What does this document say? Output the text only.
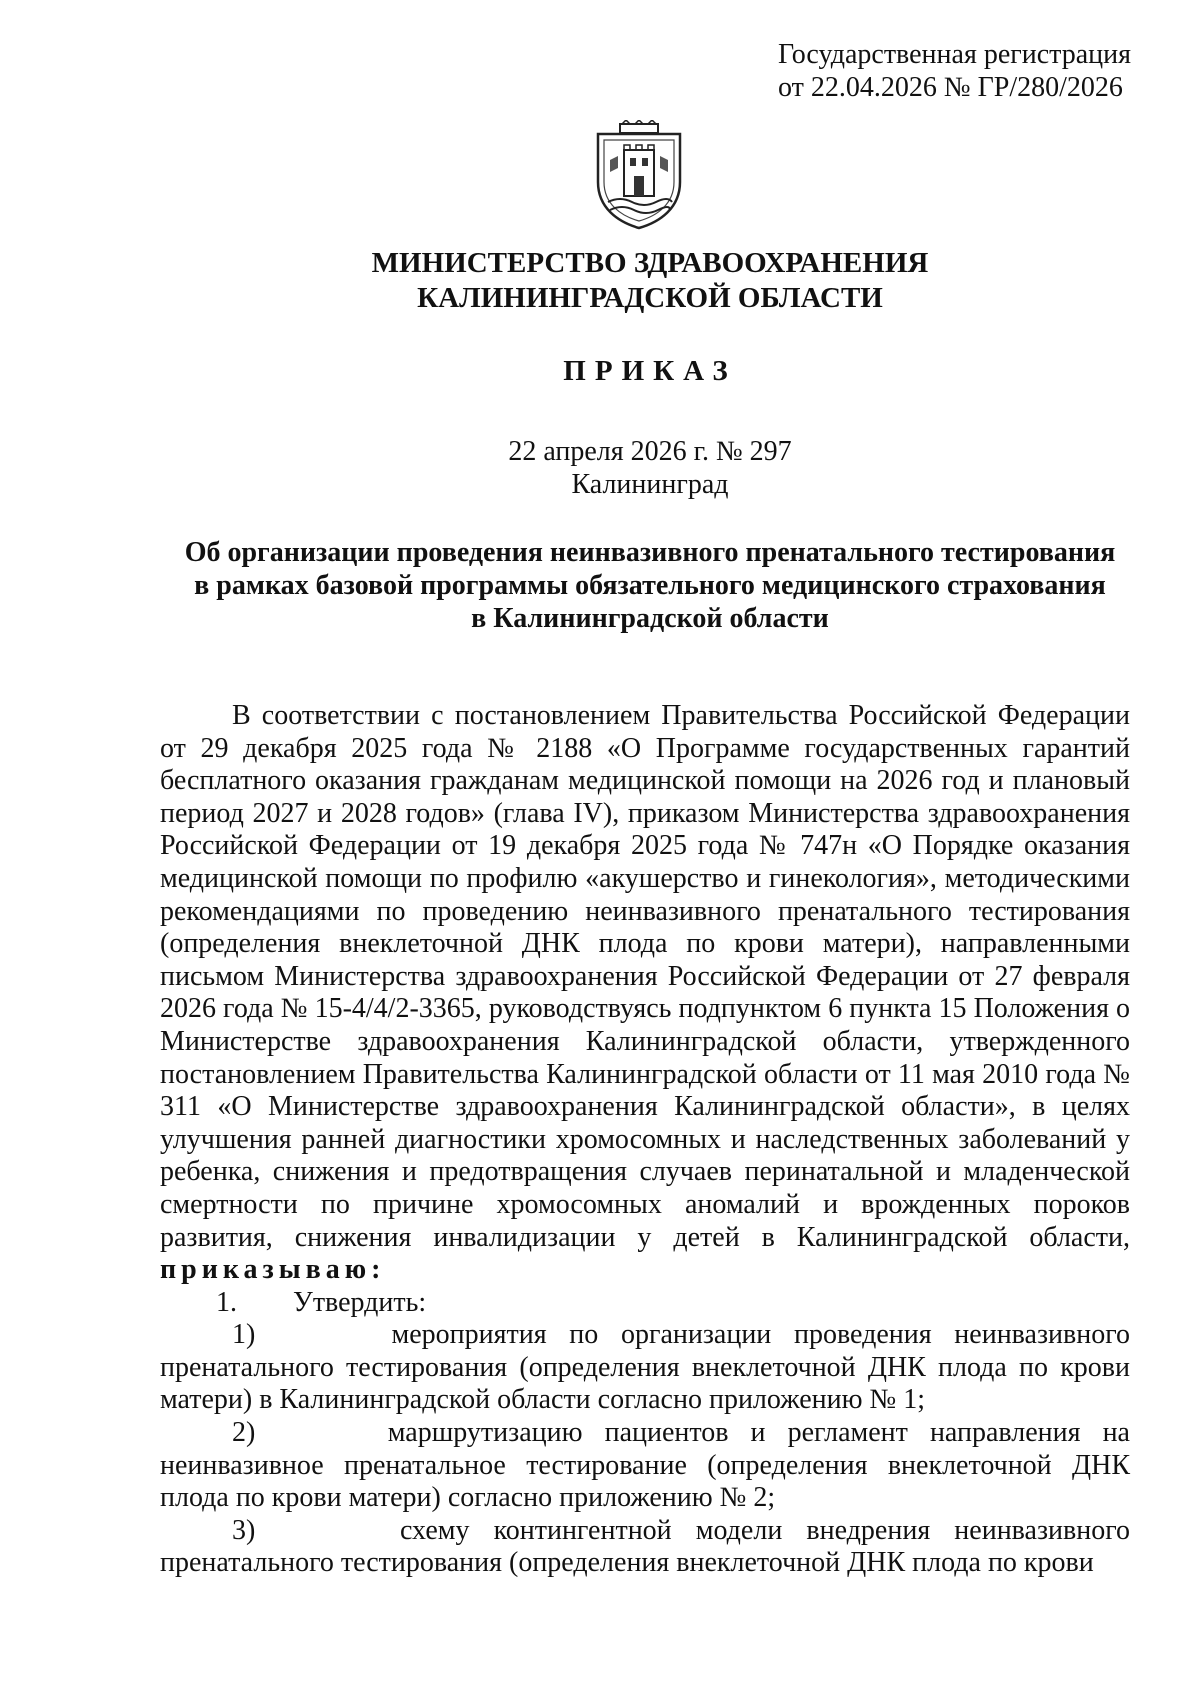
Государственная регистрация
от 22.04.2026 № ГР/280/2026
МИНИСТЕРСТВО ЗДРАВООХРАНЕНИЯ
КАЛИНИНГРАДСКОЙ ОБЛАСТИ
ПРИКАЗ
22 апреля 2026 г. № 297
Калининград
Об организации проведения неинвазивного пренатального тестирования
в рамках базовой программы обязательного медицинского страхования
в Калининградской области

В соответствии с постановлением Правительства Российской Федерации от 29 декабря 2025 года № 2188 «О Программе государственных гарантий бесплатного оказания гражданам медицинской помощи на 2026 год и плановый период 2027 и 2028 годов» (глава IV), приказом Министерства здравоохранения Российской Федерации от 19 декабря 2025 года № 747н «О Порядке оказания медицинской помощи по профилю «акушерство и гинекология», методическими рекомендациями по проведению неинвазивного пренатального тестирования (определения внеклеточной ДНК плода по крови матери), направленными письмом Министерства здравоохранения Российской Федерации от 27 февраля 2026 года № 15-4/4/2-3365, руководствуясь подпунктом 6 пункта 15 Положения о Министерстве здравоохранения Калининградской области, утвержденного постановлением Правительства Калининградской области от 11 мая 2010 года № 311 «О Министерстве здравоохранения Калининградской области», в целях улучшения ранней диагностики хромосомных и наследственных заболеваний у ребенка, снижения и предотвращения случаев перинатальной и младенческой смертности по причине хромосомных аномалий и врожденных пороков развития, снижения инвалидизации у детей в Калининградской области, приказываю:

1.        Утвердить:

1)	мероприятия по организации проведения неинвазивного пренатального тестирования (определения внеклеточной ДНК плода по крови матери) в Калининградской области согласно приложению № 1;

2)	маршрутизацию пациентов и регламент направления на неинвазивное пренатальное тестирование (определения внеклеточной ДНК плода по крови матери) согласно приложению № 2;

3)	схему контингентной модели внедрения неинвазивного пренатального тестирования (определения внеклеточной ДНК плода по крови
